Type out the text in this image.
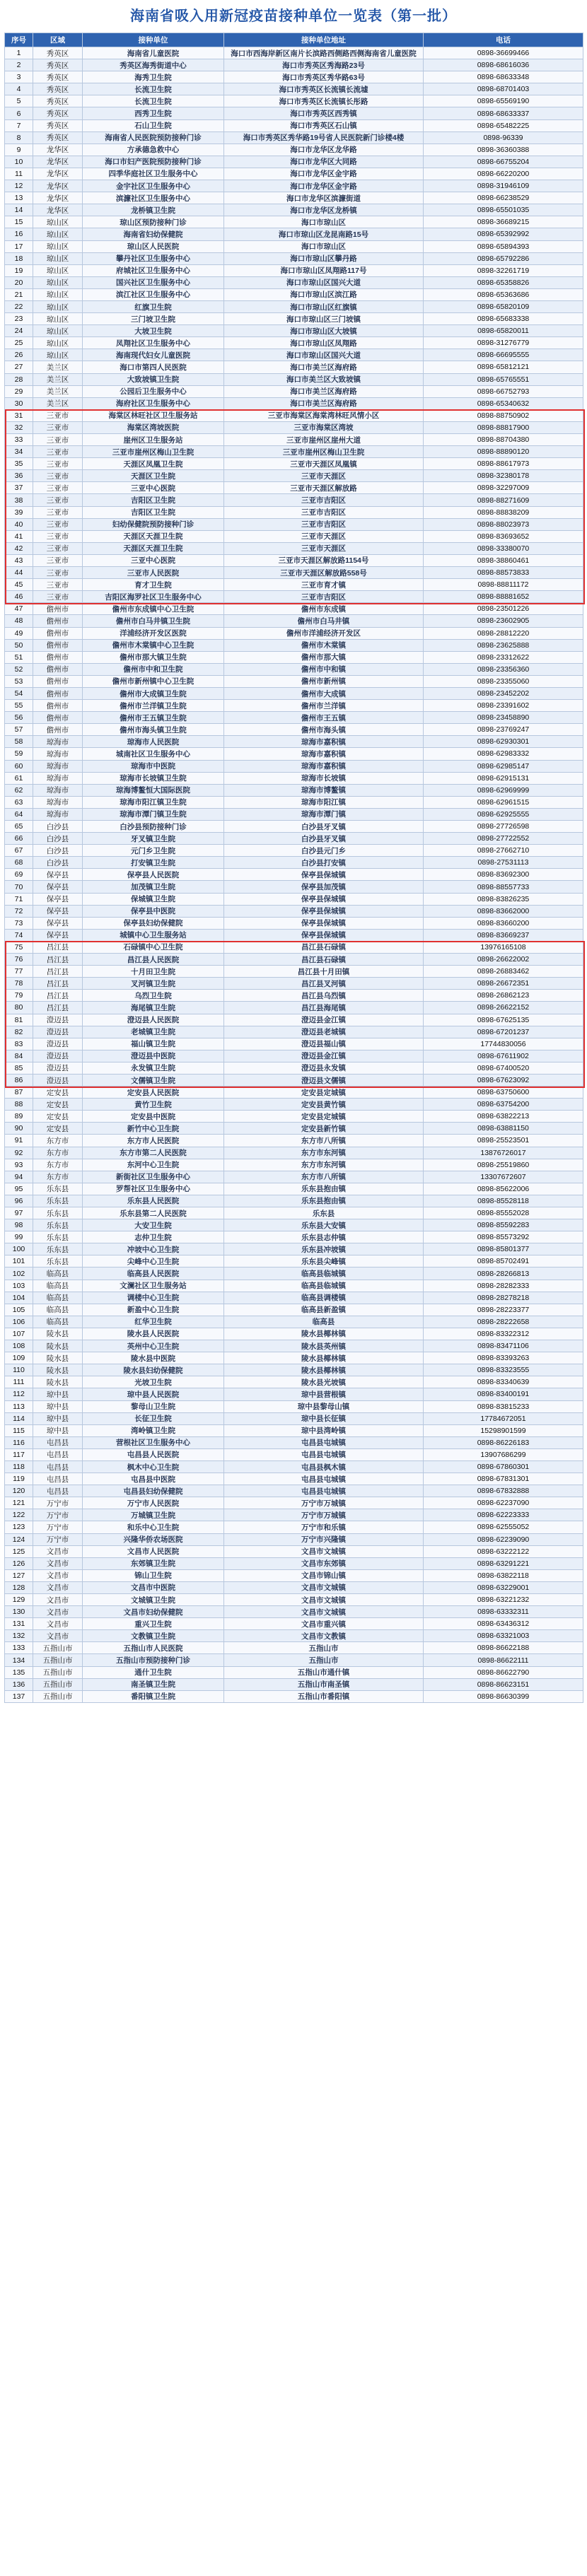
海南省吸入用新冠疫苗接种单位一览表（第一批）
序号	区域	接种单位	接种单位地址	电话
1	秀英区	海南省儿童医院	海口市西海岸新区南片长滨路西侧路西侧海南省儿童医院	0898-36699466
2	秀英区	秀英区海秀街道中心	海口市秀英区秀海路23号	0898-68616036
3	秀英区	海秀卫生院	海口市秀英区秀华路63号	0898-68633348
4	秀英区	长流卫生院	海口市秀英区长流镇长流墟	0898-68701403
5	秀英区	长流卫生院	海口市秀英区长流镇长彤路	0898-65569190
6	秀英区	西秀卫生院	海口市秀英区西秀镇	0898-68633337
7	秀英区	石山卫生院	海口市秀英区石山镇	0898-65482225
8	秀英区	海南省人民医院预防接种门诊	海口市秀英区秀华路19号省人民医院新门诊楼4楼	0898-96339
9	龙华区	方承德急救中心	海口市龙华区龙华路	0898-36360388
10	龙华区	海口市妇产医院预防接种门诊	海口市龙华区大同路	0898-66755204
11	龙华区	四季华庭社区卫生服务中心	海口市龙华区金宇路	0898-66220200
12	龙华区	金宇社区卫生服务中心	海口市龙华区金宇路	0898-31946109
13	龙华区	滨濂社区卫生服务中心	海口市龙华区滨濂街道	0898-66238529
14	龙华区	龙桥镇卫生院	海口市龙华区龙桥镇	0898-65501035
15	琼山区	琼山区预防接种门诊	海口市琼山区	0898-36689215
16	琼山区	海南省妇幼保健院	海口市琼山区龙昆南路15号	0898-65392992
17	琼山区	琼山区人民医院	海口市琼山区	0898-65894393
18	琼山区	攀丹社区卫生服务中心	海口市琼山区攀丹路	0898-65792286
19	琼山区	府城社区卫生服务中心	海口市琼山区凤翔路117号	0898-32261719
20	琼山区	国兴社区卫生服务中心	海口市琼山区国兴大道	0898-65358826
21	琼山区	滨江社区卫生服务中心	海口市琼山区滨江路	0898-65363686
22	琼山区	红旗卫生院	海口市琼山区红旗镇	0898-65820109
23	琼山区	三门坡卫生院	海口市琼山区三门坡镇	0898-65683338
24	琼山区	大坡卫生院	海口市琼山区大坡镇	0898-65820011
25	琼山区	凤翔社区卫生服务中心	海口市琼山区凤翔路	0898-31276779
26	琼山区	海南现代妇女儿童医院	海口市琼山区国兴大道	0898-66695555
27	美兰区	海口市第四人民医院	海口市美兰区海府路	0898-65812121
28	美兰区	大致坡镇卫生院	海口市美兰区大致坡镇	0898-65765551
29	美兰区	公园后卫生服务中心	海口市美兰区海府路	0898-66752793
30	美兰区	海府社区卫生服务中心	海口市美兰区海府路	0898-65340632
31	三亚市	海棠区林旺社区卫生服务站	三亚市海棠区海棠湾林旺风情小区	0898-88750902
32	三亚市	海棠区湾坡医院	三亚市海棠区湾坡	0898-88817900
33	三亚市	崖州区卫生服务站	三亚市崖州区崖州大道	0898-88704380
34	三亚市	三亚市崖州区梅山卫生院	三亚市崖州区梅山卫生院	0898-88890120
35	三亚市	天涯区凤凰卫生院	三亚市天涯区凤凰镇	0898-88617973
36	三亚市	天涯区卫生院	三亚市天涯区	0898-32380178
37	三亚市	三亚中心医院	三亚市天涯区解放路	0898-32297009
38	三亚市	吉阳区卫生院	三亚市吉阳区	0898-88271609
39	三亚市	吉阳区卫生院	三亚市吉阳区	0898-88838209
40	三亚市	妇幼保健院预防接种门诊	三亚市吉阳区	0898-88023973
41	三亚市	天涯区天涯卫生院	三亚市天涯区	0898-83693652
42	三亚市	天涯区天涯卫生院	三亚市天涯区	0898-33380070
43	三亚市	三亚中心医院	三亚市天涯区解放路1154号	0898-38860461
44	三亚市	三亚市人民医院	三亚市天涯区解放路558号	0898-88573833
45	三亚市	育才卫生院	三亚市育才镇	0898-88811172
46	三亚市	吉阳区海罗社区卫生服务中心	三亚市吉阳区	0898-88881652
47	儋州市	儋州市东成镇中心卫生院	儋州市东成镇	0898-23501226
48	儋州市	儋州市白马井镇卫生院	儋州市白马井镇	0898-23602905
49	儋州市	洋浦经济开发区医院	儋州市洋浦经济开发区	0898-28812220
50	儋州市	儋州市木棠镇中心卫生院	儋州市木棠镇	0898-23625888
51	儋州市	儋州市那大镇卫生院	儋州市那大镇	0898-23312622
52	儋州市	儋州市中和卫生院	儋州市中和镇	0898-23356360
53	儋州市	儋州市新州镇中心卫生院	儋州市新州镇	0898-23355060
54	儋州市	儋州市大成镇卫生院	儋州市大成镇	0898-23452202
55	儋州市	儋州市兰洋镇卫生院	儋州市兰洋镇	0898-23391602
56	儋州市	儋州市王五镇卫生院	儋州市王五镇	0898-23458890
57	儋州市	儋州市海头镇卫生院	儋州市海头镇	0898-23769247
58	琼海市	琼海市人民医院	琼海市嘉积镇	0898-62930301
59	琼海市	城南社区卫生服务中心	琼海市嘉积镇	0898-62983332
60	琼海市	琼海市中医院	琼海市嘉积镇	0898-62985147
61	琼海市	琼海市长坡镇卫生院	琼海市长坡镇	0898-62915131
62	琼海市	琼海博鳌恒大国际医院	琼海市博鳌镇	0898-62969999
63	琼海市	琼海市阳江镇卫生院	琼海市阳江镇	0898-62961515
64	琼海市	琼海市潭门镇卫生院	琼海市潭门镇	0898-62925555
65	白沙县	白沙县预防接种门诊	白沙县牙叉镇	0898-27726598
66	白沙县	牙叉镇卫生院	白沙县牙叉镇	0898-27722552
67	白沙县	元门乡卫生院	白沙县元门乡	0898-27662710
68	白沙县	打安镇卫生院	白沙县打安镇	0898-27531113
69	保亭县	保亭县人民医院	保亭县保城镇	0898-83692300
70	保亭县	加茂镇卫生院	保亭县加茂镇	0898-88557733
71	保亭县	保城镇卫生院	保亭县保城镇	0898-83826235
72	保亭县	保亭县中医院	保亭县保城镇	0898-83662000
73	保亭县	保亭县妇幼保健院	保亭县保城镇	0898-83660200
74	保亭县	城镇中心卫生服务站	保亭县保城镇	0898-83669237
75	昌江县	石碌镇中心卫生院	昌江县石碌镇	13976165108
76	昌江县	昌江县人民医院	昌江县石碌镇	0898-26622002
77	昌江县	十月田卫生院	昌江县十月田镇	0898-26883462
78	昌江县	叉河镇卫生院	昌江县叉河镇	0898-26672351
79	昌江县	乌烈卫生院	昌江县乌烈镇	0898-26862123
80	昌江县	海尾镇卫生院	昌江县海尾镇	0898-26622152
81	澄迈县	澄迈县人民医院	澄迈县金江镇	0898-67625135
82	澄迈县	老城镇卫生院	澄迈县老城镇	0898-67201237
83	澄迈县	福山镇卫生院	澄迈县福山镇	17744830056
84	澄迈县	澄迈县中医院	澄迈县金江镇	0898-67611902
85	澄迈县	永发镇卫生院	澄迈县永发镇	0898-67400520
86	澄迈县	文儒镇卫生院	澄迈县文儒镇	0898-67623092
87	定安县	定安县人民医院	定安县定城镇	0898-63750600
88	定安县	黄竹卫生院	定安县黄竹镇	0898-63754200
89	定安县	定安县中医院	定安县定城镇	0898-63822213
90	定安县	新竹中心卫生院	定安县新竹镇	0898-63881150
91	东方市	东方市人民医院	东方市八所镇	0898-25523501
92	东方市	东方市第二人民医院	东方市东河镇	13876726017
93	东方市	东河中心卫生院	东方市东河镇	0898-25519860
94	东方市	新街社区卫生服务中心	东方市八所镇	13307672607
95	乐东县	罗帮社区卫生服务中心	乐东县抱由镇	0898-85622006
96	乐东县	乐东县人民医院	乐东县抱由镇	0898-85528118
97	乐东县	乐东县第二人民医院	乐东县	0898-85552028
98	乐东县	大安卫生院	乐东县大安镇	0898-85592283
99	乐东县	志仲卫生院	乐东县志仲镇	0898-85573292
100	乐东县	冲坡中心卫生院	乐东县冲坡镇	0898-85801377
101	乐东县	尖峰中心卫生院	乐东县尖峰镇	0898-85702491
102	临高县	临高县人民医院	临高县临城镇	0898-28266813
103	临高县	文澜社区卫生服务站	临高县临城镇	0898-28282333
104	临高县	调楼中心卫生院	临高县调楼镇	0898-28278218
105	临高县	新盈中心卫生院	临高县新盈镇	0898-28223377
106	临高县	红华卫生院	临高县	0898-28222658
107	陵水县	陵水县人民医院	陵水县椰林镇	0898-83322312
108	陵水县	英州中心卫生院	陵水县英州镇	0898-83471106
109	陵水县	陵水县中医院	陵水县椰林镇	0898-83393263
110	陵水县	陵水县妇幼保健院	陵水县椰林镇	0898-83323555
111	陵水县	光坡卫生院	陵水县光坡镇	0898-83340639
112	琼中县	琼中县人民医院	琼中县营根镇	0898-83400191
113	琼中县	黎母山卫生院	琼中县黎母山镇	0898-83815233
114	琼中县	长征卫生院	琼中县长征镇	17784672051
115	琼中县	湾岭镇卫生院	琼中县湾岭镇	15298901599
116	屯昌县	营根社区卫生服务中心	屯昌县屯城镇	0898-86226183
117	屯昌县	屯昌县人民医院	屯昌县屯城镇	13907686299
118	屯昌县	枫木中心卫生院	屯昌县枫木镇	0898-67860301
119	屯昌县	屯昌县中医院	屯昌县屯城镇	0898-67831301
120	屯昌县	屯昌县妇幼保健院	屯昌县屯城镇	0898-67832888
121	万宁市	万宁市人民医院	万宁市万城镇	0898-62237090
122	万宁市	万城镇卫生院	万宁市万城镇	0898-62223333
123	万宁市	和乐中心卫生院	万宁市和乐镇	0898-62555052
124	万宁市	兴隆华侨农场医院	万宁市兴隆镇	0898-62239090
125	文昌市	文昌市人民医院	文昌市文城镇	0898-63222122
126	文昌市	东郊镇卫生院	文昌市东郊镇	0898-63291221
127	文昌市	锦山卫生院	文昌市锦山镇	0898-63822118
128	文昌市	文昌市中医院	文昌市文城镇	0898-63229001
129	文昌市	文城镇卫生院	文昌市文城镇	0898-63221232
130	文昌市	文昌市妇幼保健院	文昌市文城镇	0898-63332311
131	文昌市	重兴卫生院	文昌市重兴镇	0898-63436312
132	文昌市	文教镇卫生院	文昌市文教镇	0898-63321003
133	五指山市	五指山市人民医院	五指山市	0898-86622188
134	五指山市	五指山市预防接种门诊	五指山市	0898-86622111
135	五指山市	通什卫生院	五指山市通什镇	0898-86622790
136	五指山市	南圣镇卫生院	五指山市南圣镇	0898-86623151
137	五指山市	番阳镇卫生院	五指山市番阳镇	0898-86630399
